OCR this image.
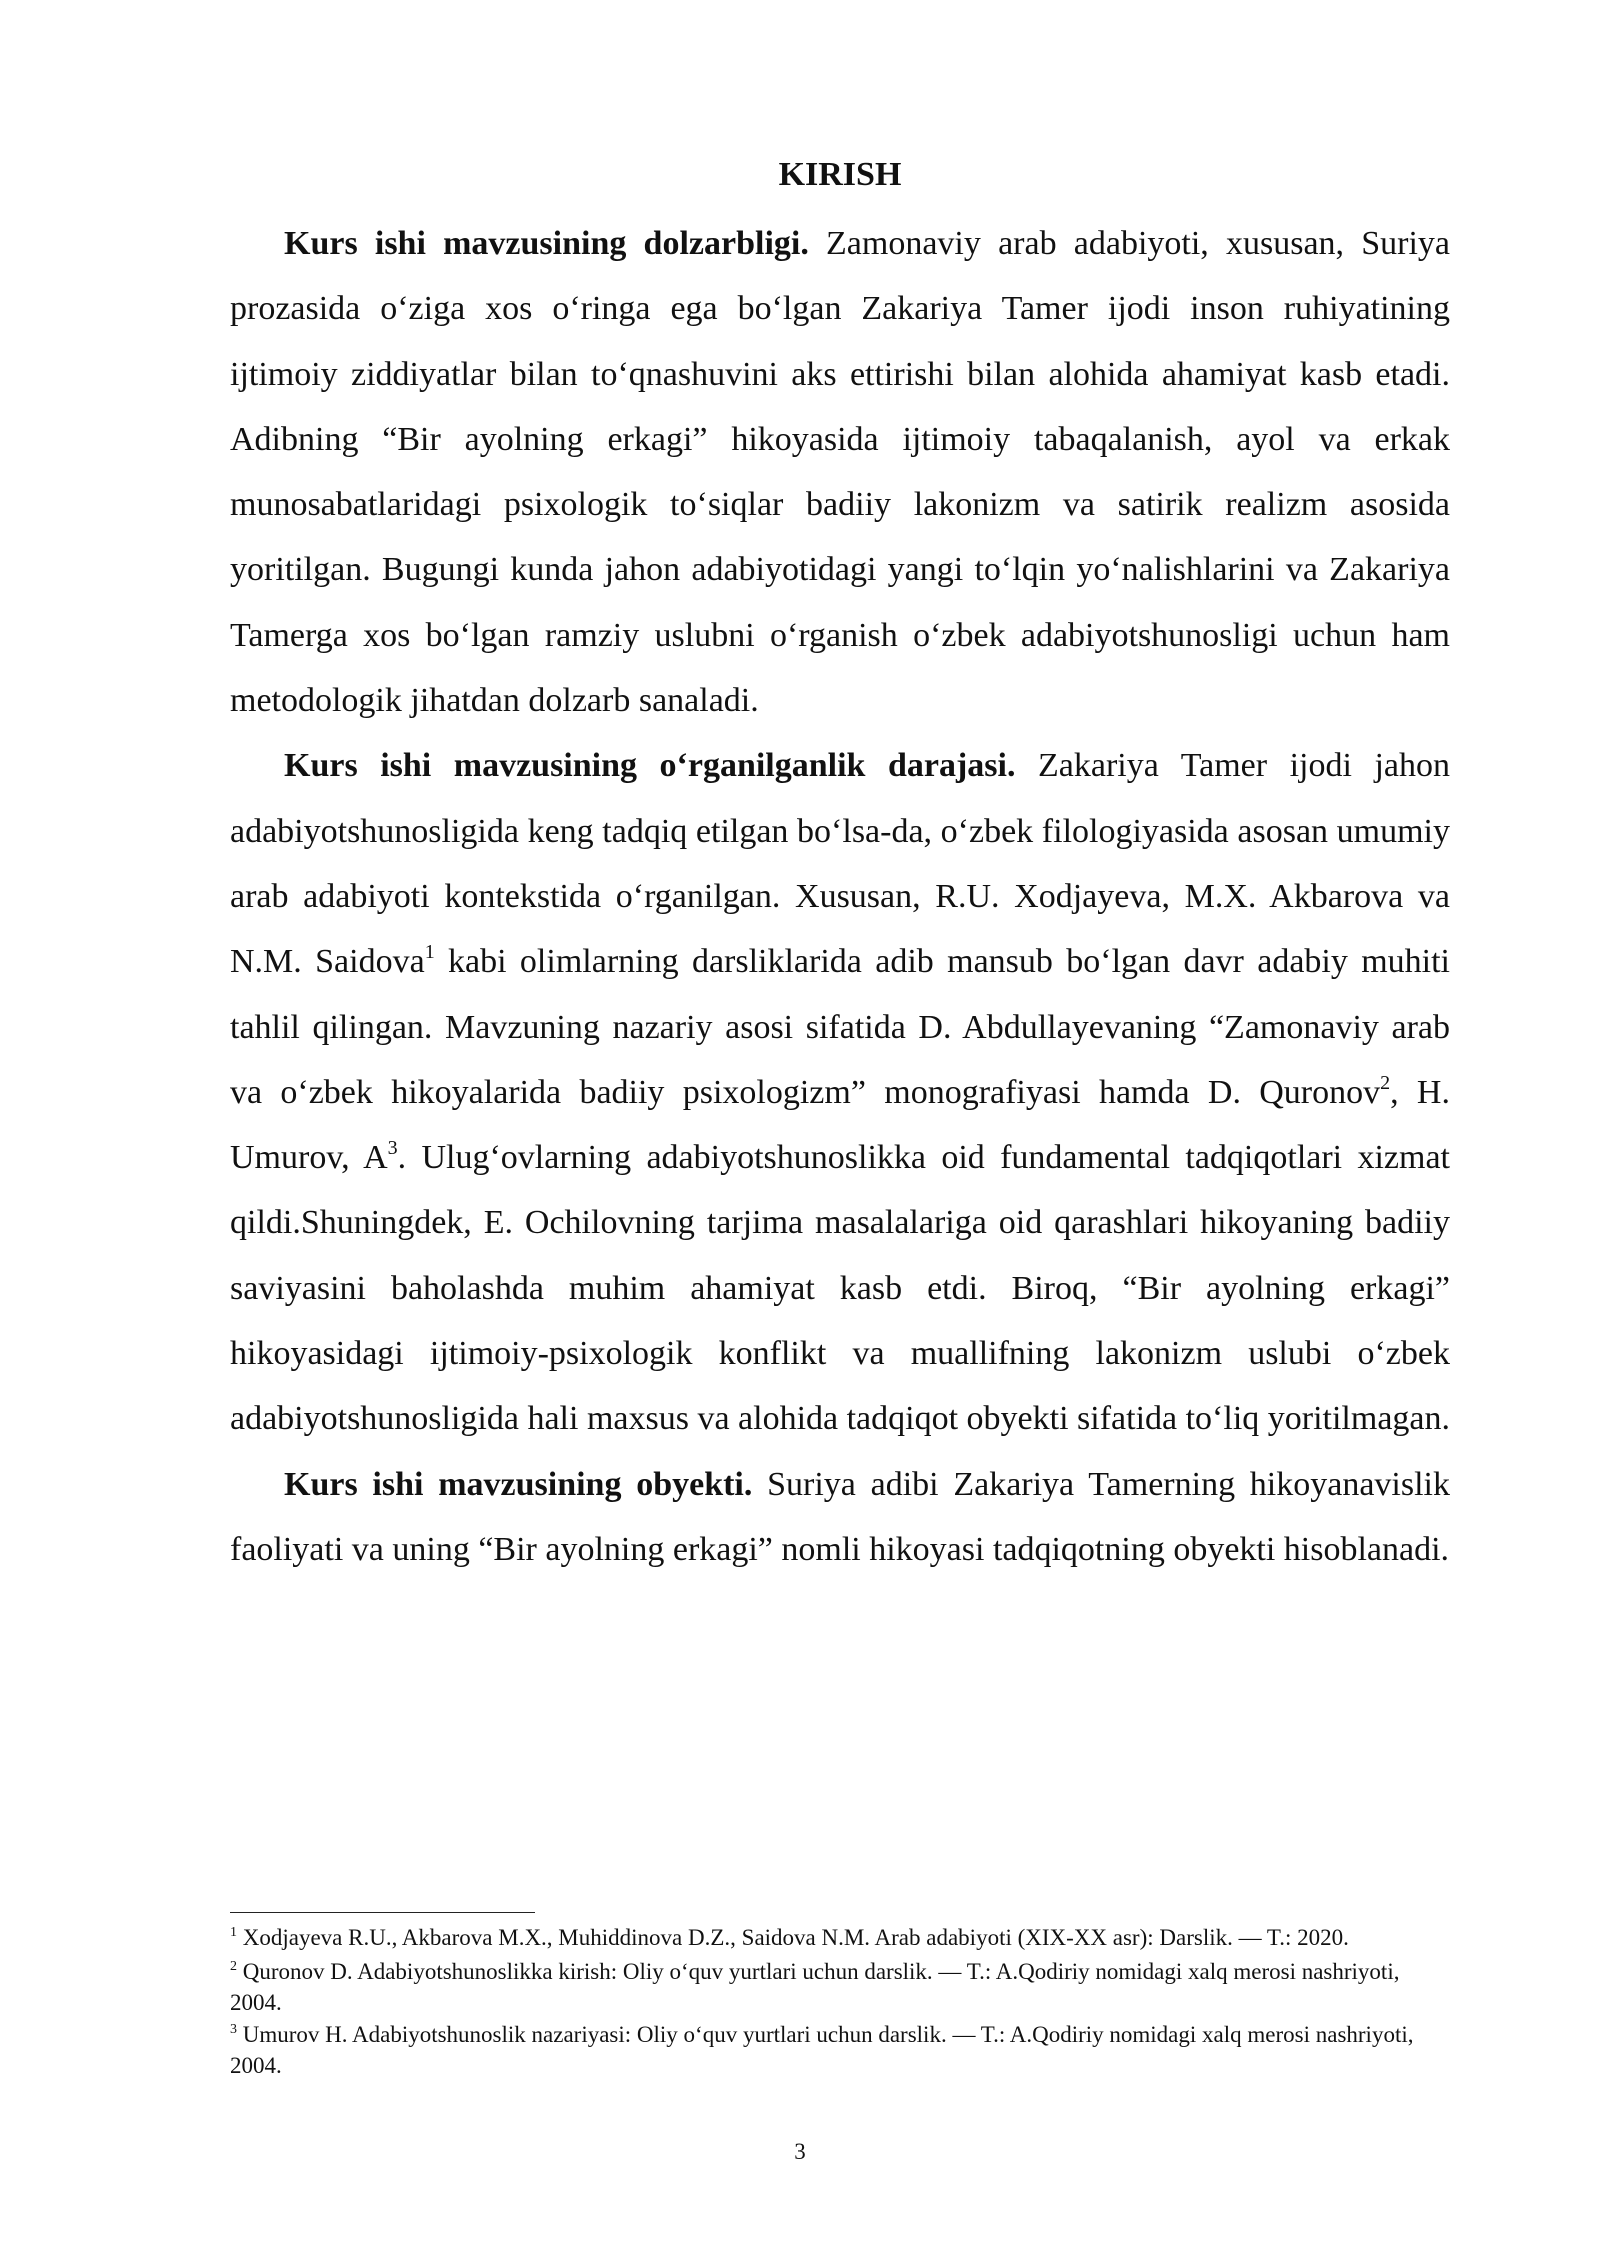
KIRISH

Kurs ishi mavzusining dolzarbligi. Zamonaviy arab adabiyoti, xususan, Suriya prozasida o‘ziga xos o‘ringa ega bo‘lgan Zakariya Tamer ijodi inson ruhiyatining ijtimoiy ziddiyatlar bilan to‘qnashuvini aks ettirishi bilan alohida ahamiyat kasb etadi. Adibning “Bir ayolning erkagi” hikoyasida ijtimoiy tabaqalanish, ayol va erkak munosabatlaridagi psixologik to‘siqlar badiiy lakonizm va satirik realizm asosida yoritilgan. Bugungi kunda jahon adabiyotidagi yangi to‘lqin yo‘nalishlarini va Zakariya Tamerga xos bo‘lgan ramziy uslubni o‘rganish o‘zbek adabiyotshunosligi uchun ham metodologik jihatdan dolzarb sanaladi.

Kurs ishi mavzusining o‘rganilganlik darajasi. Zakariya Tamer ijodi jahon adabiyotshunosligida keng tadqiq etilgan bo‘lsa-da, o‘zbek filologiyasida asosan umumiy arab adabiyoti kontekstida o‘rganilgan. Xususan, R.U. Xodjayeva, M.X. Akbarova va N.M. Saidova$^1$ kabi olimlarning darsliklarida adib mansub bo‘lgan davr adabiy muhiti tahlil qilingan. Mavzuning nazariy asosi sifatida D. Abdullayevaning “Zamonaviy arab va o‘zbek hikoyalarida badiiy psixologizm” monografiyasi hamda D. Quronov$^2$, H. Umurov, $A^3$. Ulug‘ovlarning adabiyotshunoslikka oid fundamental tadqiqotlari xizmat qildi.Shuningdek, E. Ochilovning tarjima masalalariga oid qarashlari hikoyaning badiiy saviyasini baholashda muhim ahamiyat kasb etdi. Biroq, “Bir ayolning erkagi” hikoyasidagi ijtimoiy-psixologik konflikt va muallifning lakonizm uslubi o‘zbek adabiyotshunosligida hali maxsus va alohida tadqiqot obyekti sifatida to‘liq yoritilmagan.

Kurs ishi mavzusining obyekti. Suriya adibi Zakariya Tamerning hikoyanavislik faoliyati va uning “Bir ayolning erkagi” nomli hikoyasi tadqiqotning obyekti hisoblanadi.

$^1$ Xodjayeva R.U., Akbarova M.X., Muhiddinova D.Z., Saidova N.M. Arab adabiyoti (XIX-XX asr): Darslik. — T.: 2020.

$^2$ Quronov D. Adabiyotshunoslikka kirish: Oliy o‘quv yurtlari uchun darslik. — T.: A.Qodiriy nomidagi xalq merosi nashriyoti, 2004.

$^3$ Umurov H. Adabiyotshunoslik nazariyasi: Oliy o‘quv yurtlari uchun darslik. — T.: A.Qodiriy nomidagi xalq merosi nashriyoti, 2004.

3
